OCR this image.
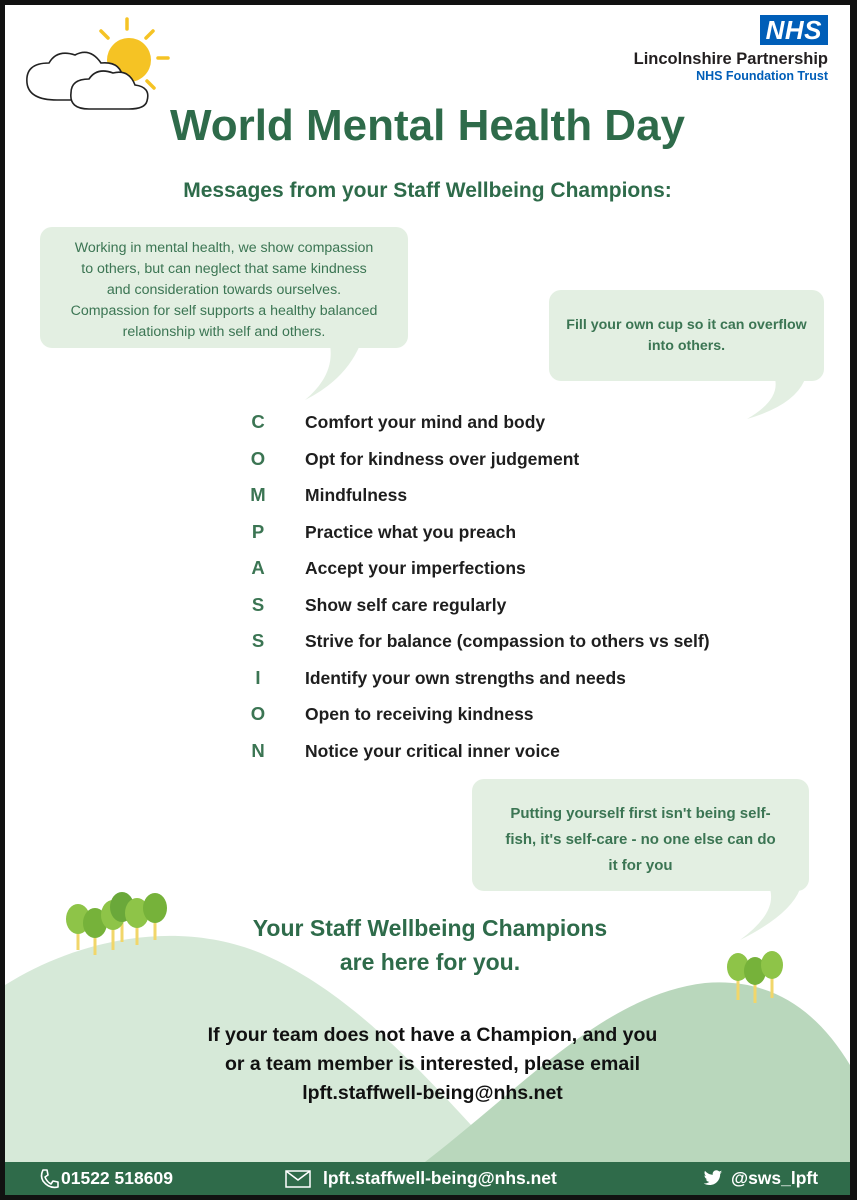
NHS
Lincolnshire Partnership
NHS Foundation Trust
World Mental Health Day
Messages from your Staff Wellbeing Champions:
Working in mental health, we show compassion
to others, but can neglect that same kindness
and consideration towards ourselves.
Compassion for self supports a healthy balanced
relationship with self and others.	Fill your own cup so it can overflow
into others.
Putting yourself first isn't being self-
fish, it's self-care - no one else can do
it for you
C	Comfort your mind and body
O	Opt for kindness over judgement
M	Mindfulness
P	Practice what you preach
A	Accept your imperfections
S	Show self care regularly
S	Strive for balance (compassion to others vs self)
I	Identify your own strengths and needs
O	Open to receiving kindness
N	Notice your critical inner voice
Your Staff Wellbeing Champions
are here for you.
If your team does not have a Champion, and you
or a team member is interested, please email
lpft.staffwell-being@nhs.net
01522 518609	lpft.staffwell-being@nhs.net	@sws_lpft
